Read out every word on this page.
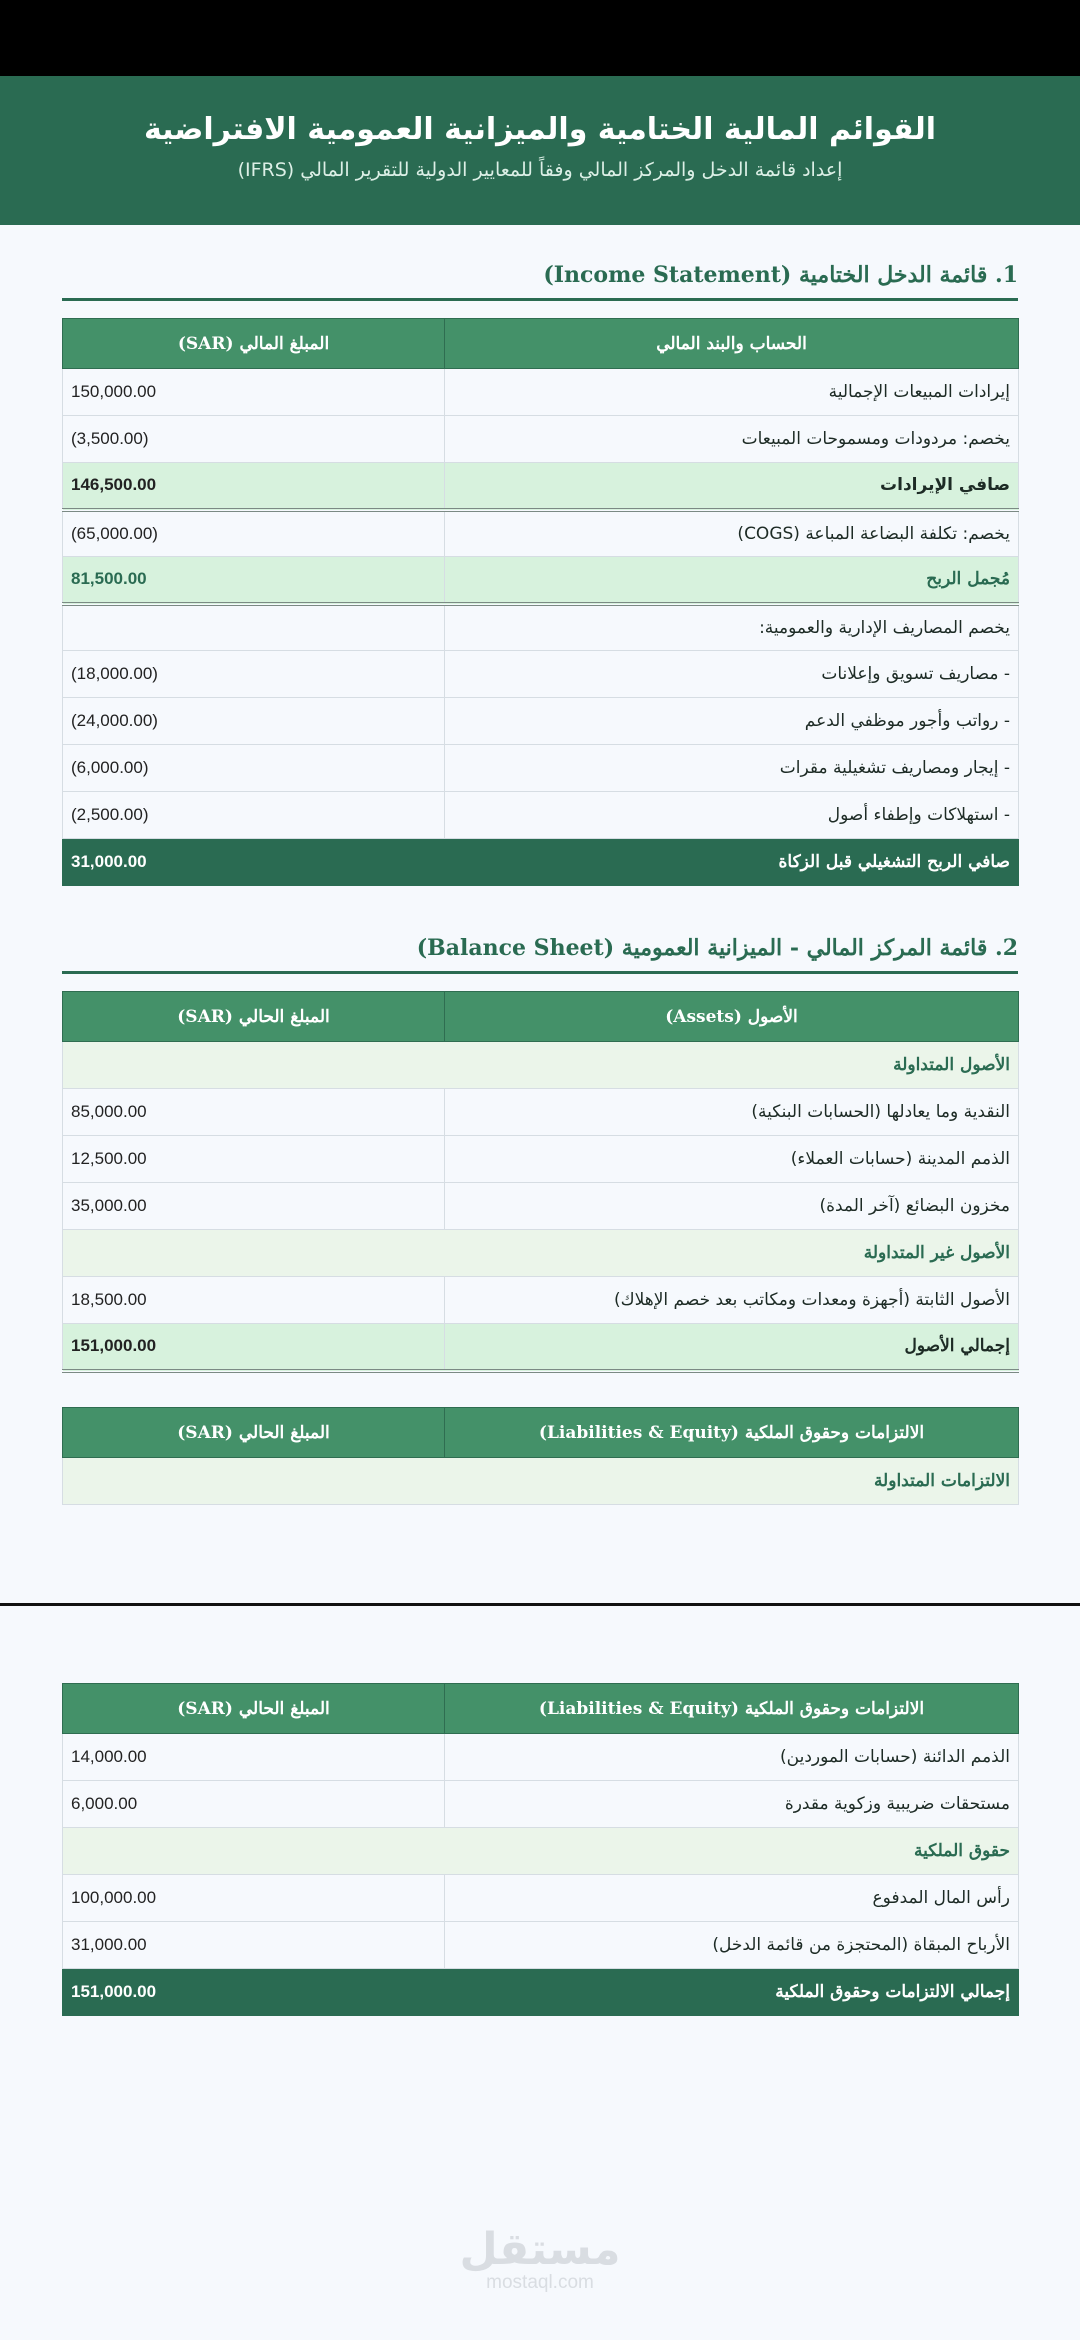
القوائم المالية الختامية والميزانية العمومية الافتراضية
إعداد قائمة الدخل والمركز المالي وفقاً للمعايير الدولية للتقرير المالي (IFRS)
1. قائمة الدخل الختامية (Income Statement)
الحساب والبند المالي	المبلغ المالي (SAR)
إيرادات المبيعات الإجمالية	150,000.00
يخصم: مردودات ومسموحات المبيعات	(3,500.00)
صافي الإيرادات	146,500.00
يخصم: تكلفة البضاعة المباعة (COGS)	(65,000.00)
مُجمل الربح	81,500.00
يخصم المصاريف الإدارية والعمومية:	
- مصاريف تسويق وإعلانات	(18,000.00)
- رواتب وأجور موظفي الدعم	(24,000.00)
- إيجار ومصاريف تشغيلية مقرات	(6,000.00)
- استهلاكات وإطفاء أصول	(2,500.00)
صافي الربح التشغيلي قبل الزكاة	31,000.00
2. قائمة المركز المالي - الميزانية العمومية (Balance Sheet)
الأصول (Assets)	المبلغ الحالي (SAR)
الأصول المتداولة	
النقدية وما يعادلها (الحسابات البنكية)	85,000.00
الذمم المدينة (حسابات العملاء)	12,500.00
مخزون البضائع (آخر المدة)	35,000.00
الأصول غير المتداولة	
الأصول الثابتة (أجهزة ومعدات ومكاتب بعد خصم الإهلاك)	18,500.00
إجمالي الأصول	151,000.00
الالتزامات وحقوق الملكية (Liabilities & Equity)	المبلغ الحالي (SAR)
الالتزامات المتداولة
الالتزامات وحقوق الملكية (Liabilities & Equity)	المبلغ الحالي (SAR)
الذمم الدائنة (حسابات الموردين)	14,000.00
مستحقات ضريبية وزكوية مقدرة	6,000.00
حقوق الملكية	
رأس المال المدفوع	100,000.00
الأرباح المبقاة (المحتجزة من قائمة الدخل)	31,000.00
إجمالي الالتزامات وحقوق الملكية	151,000.00
مستقل
mostaql.com
